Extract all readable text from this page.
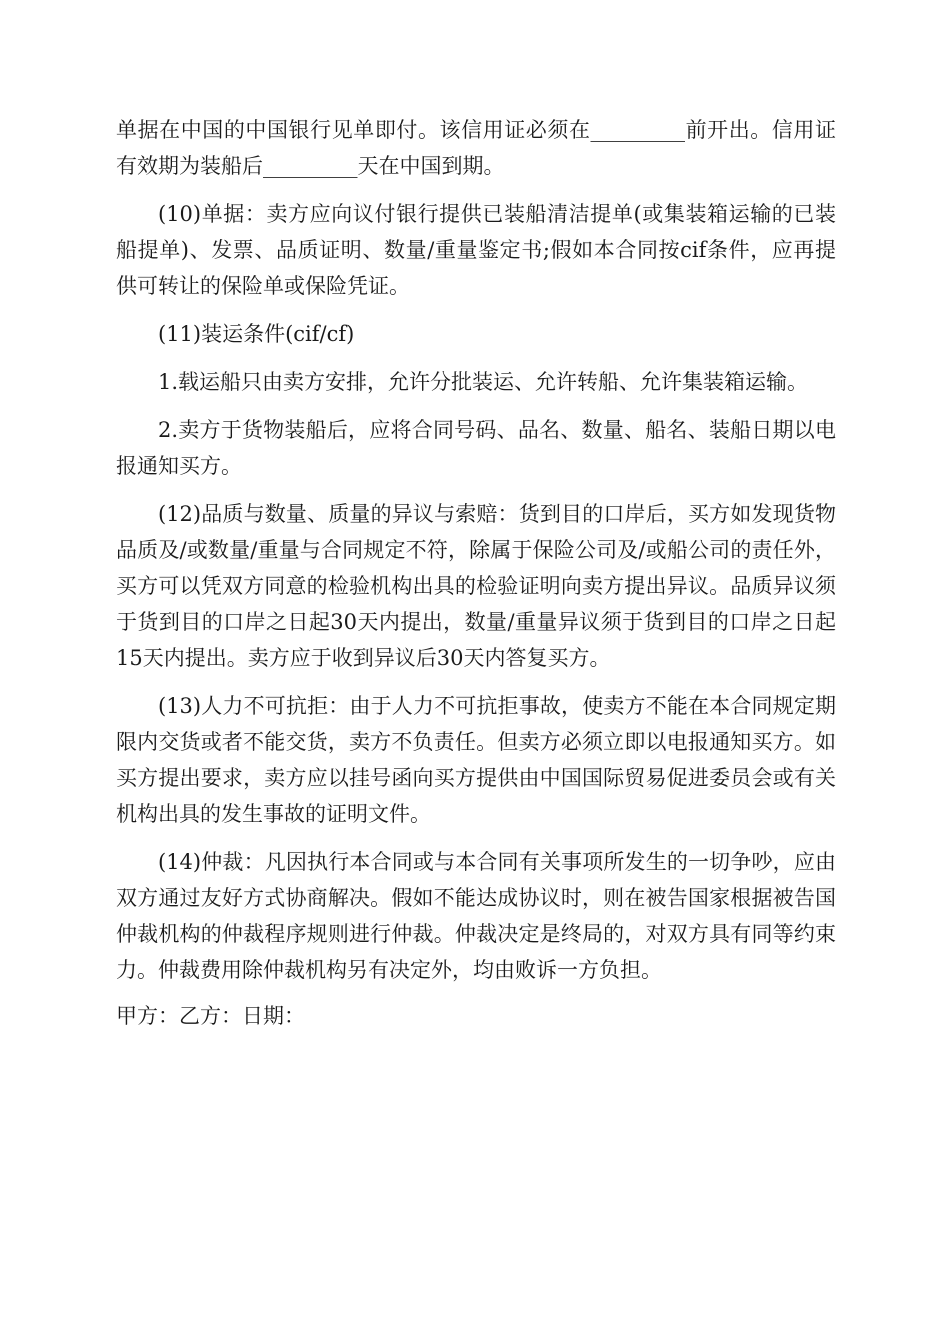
单据在中国的中国银行见单即付。该信用证必须在_________前开出。信用证有效期为装船后_________天在中国到期。

(10)单据：卖方应向议付银行提供已装船清洁提单(或集装箱运输的已装船提单)、发票、品质证明、数量/重量鉴定书;假如本合同按cif条件，应再提供可转让的保险单或保险凭证。

(11)装运条件(cif/cf)

1.载运船只由卖方安排，允许分批装运、允许转船、允许集装箱运输。

2.卖方于货物装船后，应将合同号码、品名、数量、船名、装船日期以电报通知买方。

(12)品质与数量、质量的异议与索赔：货到目的口岸后，买方如发现货物品质及/或数量/重量与合同规定不符，除属于保险公司及/或船公司的责任外，买方可以凭双方同意的检验机构出具的检验证明向卖方提出异议。品质异议须于货到目的口岸之日起30天内提出，数量/重量异议须于货到目的口岸之日起15天内提出。卖方应于收到异议后30天内答复买方。

(13)人力不可抗拒：由于人力不可抗拒事故，使卖方不能在本合同规定期限内交货或者不能交货，卖方不负责任。但卖方必须立即以电报通知买方。如买方提出要求，卖方应以挂号函向买方提供由中国国际贸易促进委员会或有关机构出具的发生事故的证明文件。

(14)仲裁：凡因执行本合同或与本合同有关事项所发生的一切争吵，应由双方通过友好方式协商解决。假如不能达成协议时，则在被告国家根据被告国仲裁机构的仲裁程序规则进行仲裁。仲裁决定是终局的，对双方具有同等约束力。仲裁费用除仲裁机构另有决定外，均由败诉一方负担。

甲方：乙方：日期：
